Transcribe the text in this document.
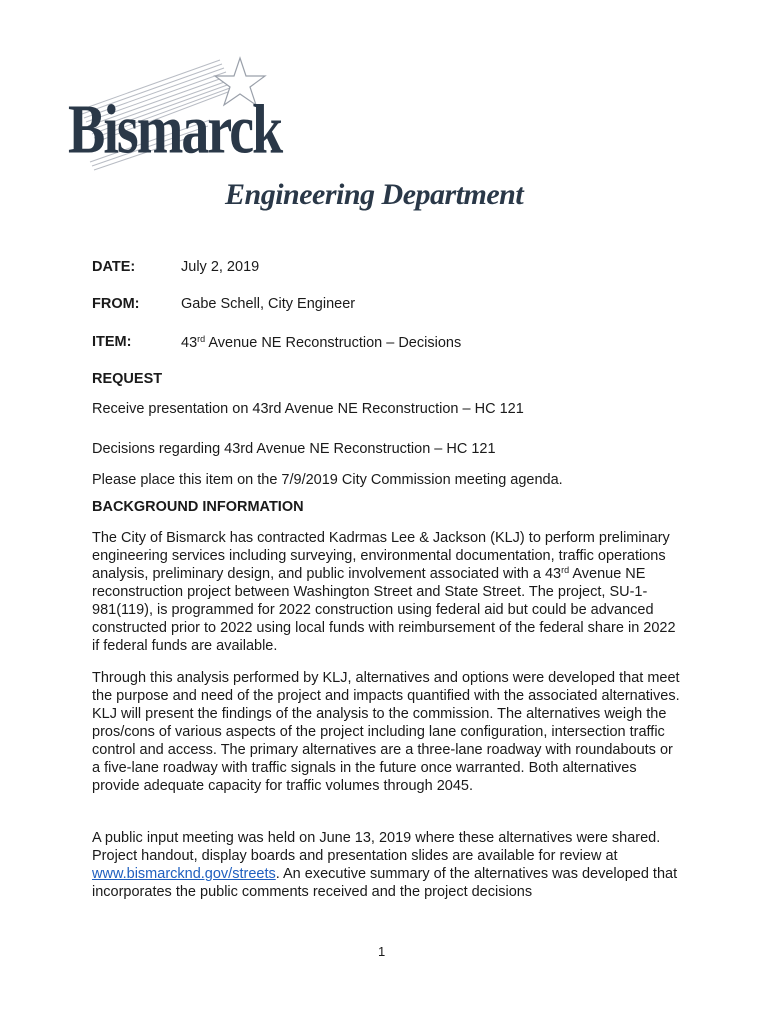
Bismarck
Engineering Department
DATE:	July 2, 2019
FROM:	Gabe Schell, City Engineer
ITEM:	43rd Avenue NE Reconstruction – Decisions
REQUEST
Receive presentation on 43rd Avenue NE Reconstruction – HC 121
Decisions regarding 43rd Avenue NE Reconstruction – HC 121
Please place this item on the 7/9/2019 City Commission meeting agenda.
BACKGROUND INFORMATION
The City of Bismarck has contracted Kadrmas Lee & Jackson (KLJ) to perform preliminary engineering services including surveying, environmental documentation, traffic operations analysis, preliminary design, and public involvement associated with a 43rd Avenue NE reconstruction project between Washington Street and State Street. The project, SU-1-981(119), is programmed for 2022 construction using federal aid but could be advanced constructed prior to 2022 using local funds with reimbursement of the federal share in 2022 if federal funds are available.
Through this analysis performed by KLJ, alternatives and options were developed that meet the purpose and need of the project and impacts quantified with the associated alternatives. KLJ will present the findings of the analysis to the commission. The alternatives weigh the pros/cons of various aspects of the project including lane configuration, intersection traffic control and access. The primary alternatives are a three-lane roadway with roundabouts or a five-lane roadway with traffic signals in the future once warranted. Both alternatives provide adequate capacity for traffic volumes through 2045.
A public input meeting was held on June 13, 2019 where these alternatives were shared. Project handout, display boards and presentation slides are available for review at www.bismarcknd.gov/streets. An executive summary of the alternatives was developed that incorporates the public comments received and the project decisions
1
